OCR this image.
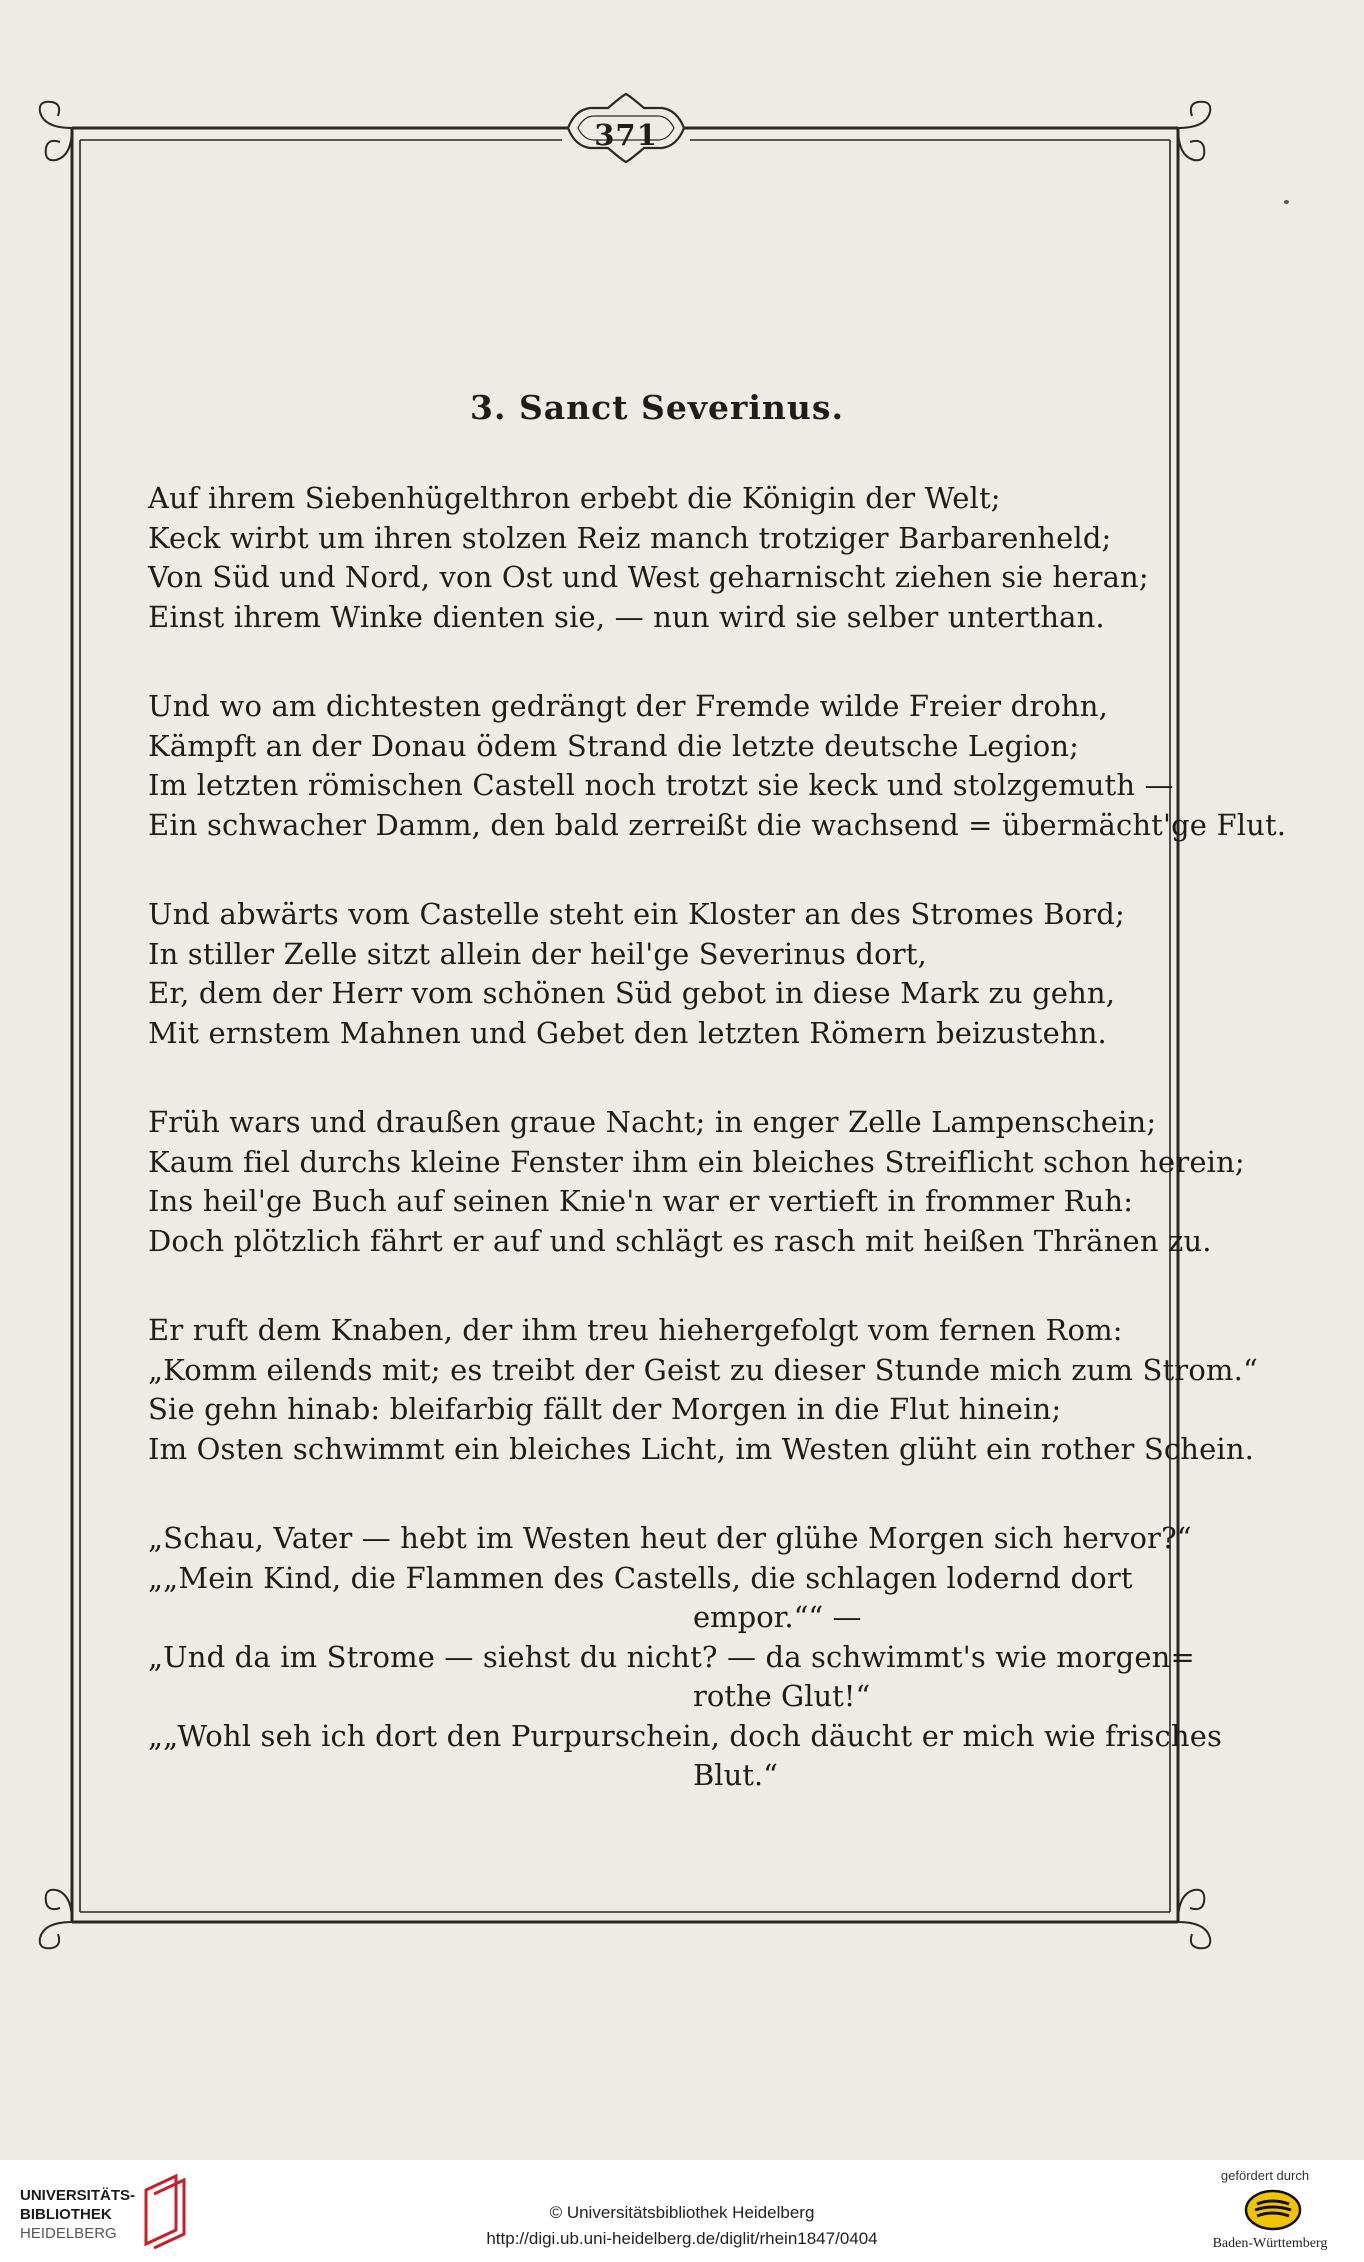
371
3. Sanct Severinus.
Auf ihrem Siebenhügelthron erbebt die Königin der Welt;
Keck wirbt um ihren stolzen Reiz manch trotziger Barbarenheld;
Von Süd und Nord, von Ost und West geharnischt ziehen sie heran;
Einst ihrem Winke dienten sie, — nun wird sie selber unterthan.
Und wo am dichtesten gedrängt der Fremde wilde Freier drohn,
Kämpft an der Donau ödem Strand die letzte deutsche Legion;
Im letzten römischen Castell noch trotzt sie keck und stolzgemuth —
Ein schwacher Damm, den bald zerreißt die wachsend = übermächt'ge Flut.
Und abwärts vom Castelle steht ein Kloster an des Stromes Bord;
In stiller Zelle sitzt allein der heil'ge Severinus dort,
Er, dem der Herr vom schönen Süd gebot in diese Mark zu gehn,
Mit ernstem Mahnen und Gebet den letzten Römern beizustehn.
Früh wars und draußen graue Nacht; in enger Zelle Lampenschein;
Kaum fiel durchs kleine Fenster ihm ein bleiches Streiflicht schon herein;
Ins heil'ge Buch auf seinen Knie'n war er vertieft in frommer Ruh:
Doch plötzlich fährt er auf und schlägt es rasch mit heißen Thränen zu.
Er ruft dem Knaben, der ihm treu hiehergefolgt vom fernen Rom:
„Komm eilends mit; es treibt der Geist zu dieser Stunde mich zum Strom.“
Sie gehn hinab: bleifarbig fällt der Morgen in die Flut hinein;
Im Osten schwimmt ein bleiches Licht, im Westen glüht ein rother Schein.
„Schau, Vater — hebt im Westen heut der glühe Morgen sich hervor?“
„„Mein Kind, die Flammen des Castells, die schlagen lodernd dort
empor.““ —
„Und da im Strome — siehst du nicht? — da schwimmt's wie morgen=
rothe Glut!“
„„Wohl seh ich dort den Purpurschein, doch däucht er mich wie frisches
Blut.“
UNIVERSITÄTS-
BIBLIOTHEK
HEIDELBERG
© Universitätsbibliothek Heidelberg
http://digi.ub.uni-heidelberg.de/diglit/rhein1847/0404
gefördert durch
Baden-Württemberg
